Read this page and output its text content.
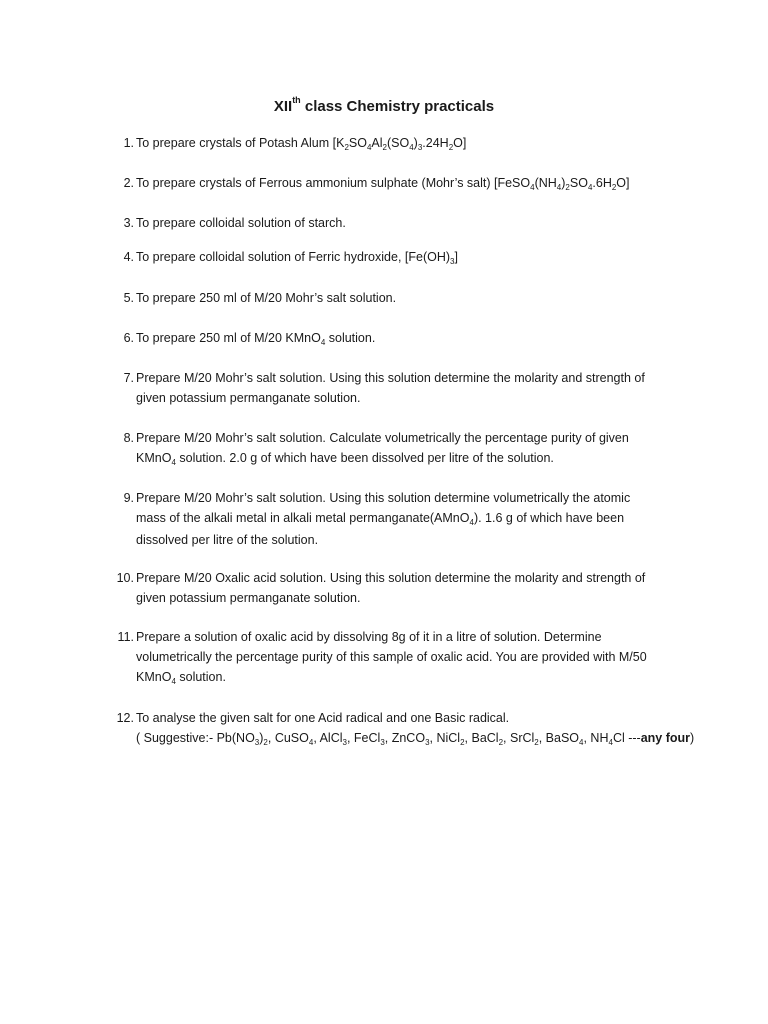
XIIth class Chemistry practicals
1. To prepare crystals of Potash Alum $[K_2SO_4Al_2(SO_4)_3.24H_2O]$
2. To prepare crystals of Ferrous ammonium sulphate (Mohr’s salt) $[FeSO_4(NH_4)_2SO_4.6H_2O]$
3. To prepare colloidal solution of starch.
4. To prepare colloidal solution of Ferric hydroxide, $[Fe(OH)_3]$
5. To prepare 250 ml of M/20 Mohr’s salt solution.
6. To prepare 250 ml of M/20 KMnO$_4$ solution.
7. Prepare M/20 Mohr’s salt solution. Using this solution determine the molarity and strength of
given potassium permanganate solution.
8. Prepare M/20 Mohr’s salt solution. Calculate volumetrically the percentage purity of given
KMnO$_4$ solution. 2.0 g of which have been dissolved per litre of the solution.
9. Prepare M/20 Mohr’s salt solution. Using this solution determine volumetrically the atomic
mass of the alkali metal in alkali metal permanganate(AMnO$_4$). 1.6 g of which have been
dissolved per litre of the solution.
10. Prepare M/20 Oxalic acid solution. Using this solution determine the molarity and strength of
given potassium permanganate solution.
11. Prepare a solution of oxalic acid by dissolving 8g of it in a litre of solution. Determine
volumetrically the percentage purity of this sample of oxalic acid. You are provided with M/50
KMnO$_4$ solution.
12. To analyse the given salt for one Acid radical and one Basic radical.
( Suggestive:- $Pb(NO_3)_2$, CuSO$_4$, AlCl$_3$, FeCl$_3$, ZnCO$_3$, NiCl$_2$, BaCl$_2$, SrCl$_2$, BaSO$_4$, $NH_4Cl$ ---any four)
